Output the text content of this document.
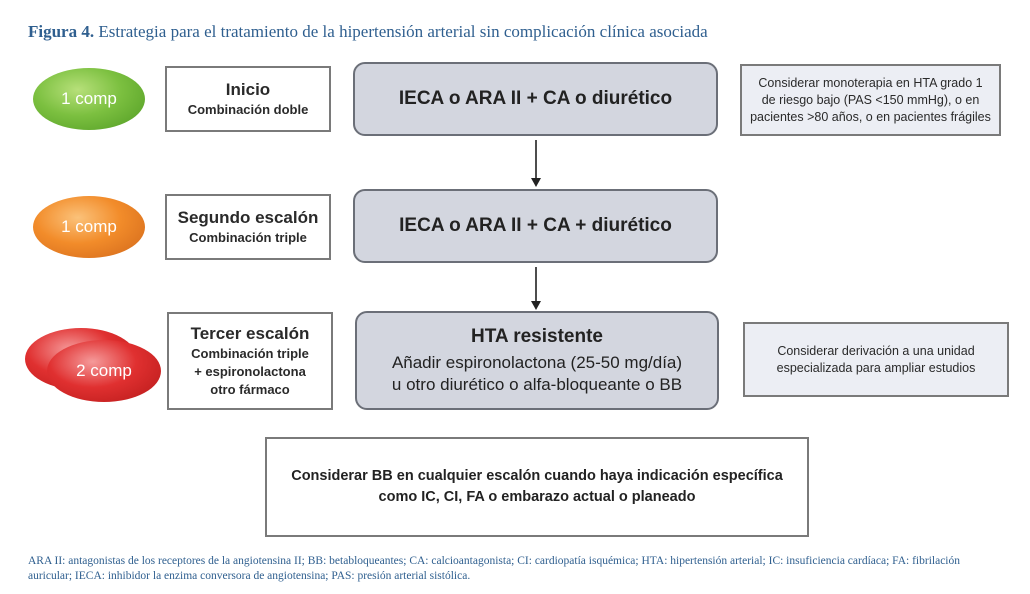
Figura 4. Estrategia para el tratamiento de la hipertensión arterial sin complicación clínica asociada
1 comp	Inicio
Combinación doble
IECA o ARA II + CA o diurético
Considerar monoterapia en HTA grado 1 de riesgo bajo (PAS <150 mmHg), o en pacientes >80 años, o en pacientes frágiles
1 comp	Segundo escalón
Combinación triple
IECA o ARA II + CA + diurético
2 comp
Tercer escalón
Combinación triple
+ espironolactona
otro fármaco
HTA resistente
Añadir espironolactona (25-50 mg/día)
u otro diurético o alfa-bloqueante o BB
Considerar derivación a una unidad especializada para ampliar estudios
Considerar BB en cualquier escalón cuando haya indicación específica como IC, CI, FA o embarazo actual o planeado
ARA II: antagonistas de los receptores de la angiotensina II; BB: betabloqueantes; CA: calcioantagonista; CI: cardiopatía isquémica; HTA: hipertensión arterial; IC: insuficiencia cardíaca; FA: fibrilación auricular; IECA: inhibidor la enzima conversora de angiotensina; PAS: presión arterial sistólica.
